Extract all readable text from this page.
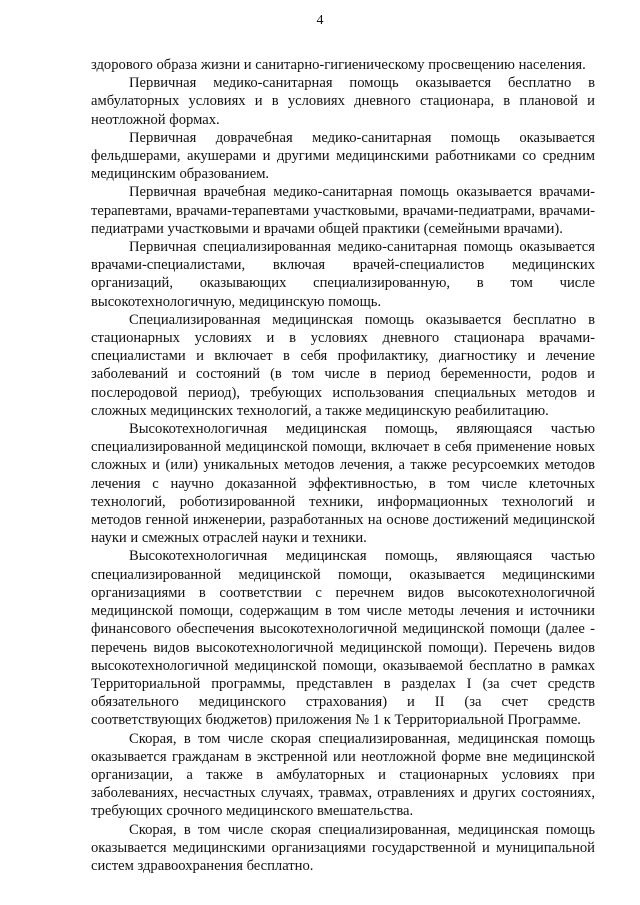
4

здорового образа жизни и санитарно-гигиеническому просвещению населения.

Первичная медико-санитарная помощь оказывается бесплатно в амбулаторных условиях и в условиях дневного стационара, в плановой и неотложной формах.

Первичная доврачебная медико-санитарная помощь оказывается фельдшерами, акушерами и другими медицинскими работниками со средним медицинским образованием.

Первичная врачебная медико-санитарная помощь оказывается врачами-терапевтами, врачами-терапевтами участковыми, врачами-педиатрами, врачами-педиатрами участковыми и врачами общей практики (семейными врачами).

Первичная специализированная медико-санитарная помощь оказывается врачами-специалистами, включая врачей-специалистов медицинских организаций, оказывающих специализированную, в том числе высокотехнологичную, медицинскую помощь.

Специализированная медицинская помощь оказывается бесплатно в стационарных условиях и в условиях дневного стационара врачами-специалистами и включает в себя профилактику, диагностику и лечение заболеваний и состояний (в том числе в период беременности, родов и послеродовой период), требующих использования специальных методов и сложных медицинских технологий, а также медицинскую реабилитацию.

Высокотехнологичная медицинская помощь, являющаяся частью специализированной медицинской помощи, включает в себя применение новых сложных и (или) уникальных методов лечения, а также ресурсоемких методов лечения с научно доказанной эффективностью, в том числе клеточных технологий, роботизированной техники, информационных технологий и методов генной инженерии, разработанных на основе достижений медицинской науки и смежных отраслей науки и техники.

Высокотехнологичная медицинская помощь, являющаяся частью специализированной медицинской помощи, оказывается медицинскими организациями в соответствии с перечнем видов высокотехнологичной медицинской помощи, содержащим в том числе методы лечения и источники финансового обеспечения высокотехнологичной медицинской помощи (далее - перечень видов высокотехнологичной медицинской помощи). Перечень видов высокотехнологичной медицинской помощи, оказываемой бесплатно в рамках Территориальной программы, представлен в разделах I (за счет средств обязательного медицинского страхования) и II (за счет средств соответствующих бюджетов) приложения № 1 к Территориальной Программе.

Скорая, в том числе скорая специализированная, медицинская помощь оказывается гражданам в экстренной или неотложной форме вне медицинской организации, а также в амбулаторных и стационарных условиях при заболеваниях, несчастных случаях, травмах, отравлениях и других состояниях, требующих срочного медицинского вмешательства.

Скорая, в том числе скорая специализированная, медицинская помощь оказывается медицинскими организациями государственной и муниципальной систем здравоохранения бесплатно.
